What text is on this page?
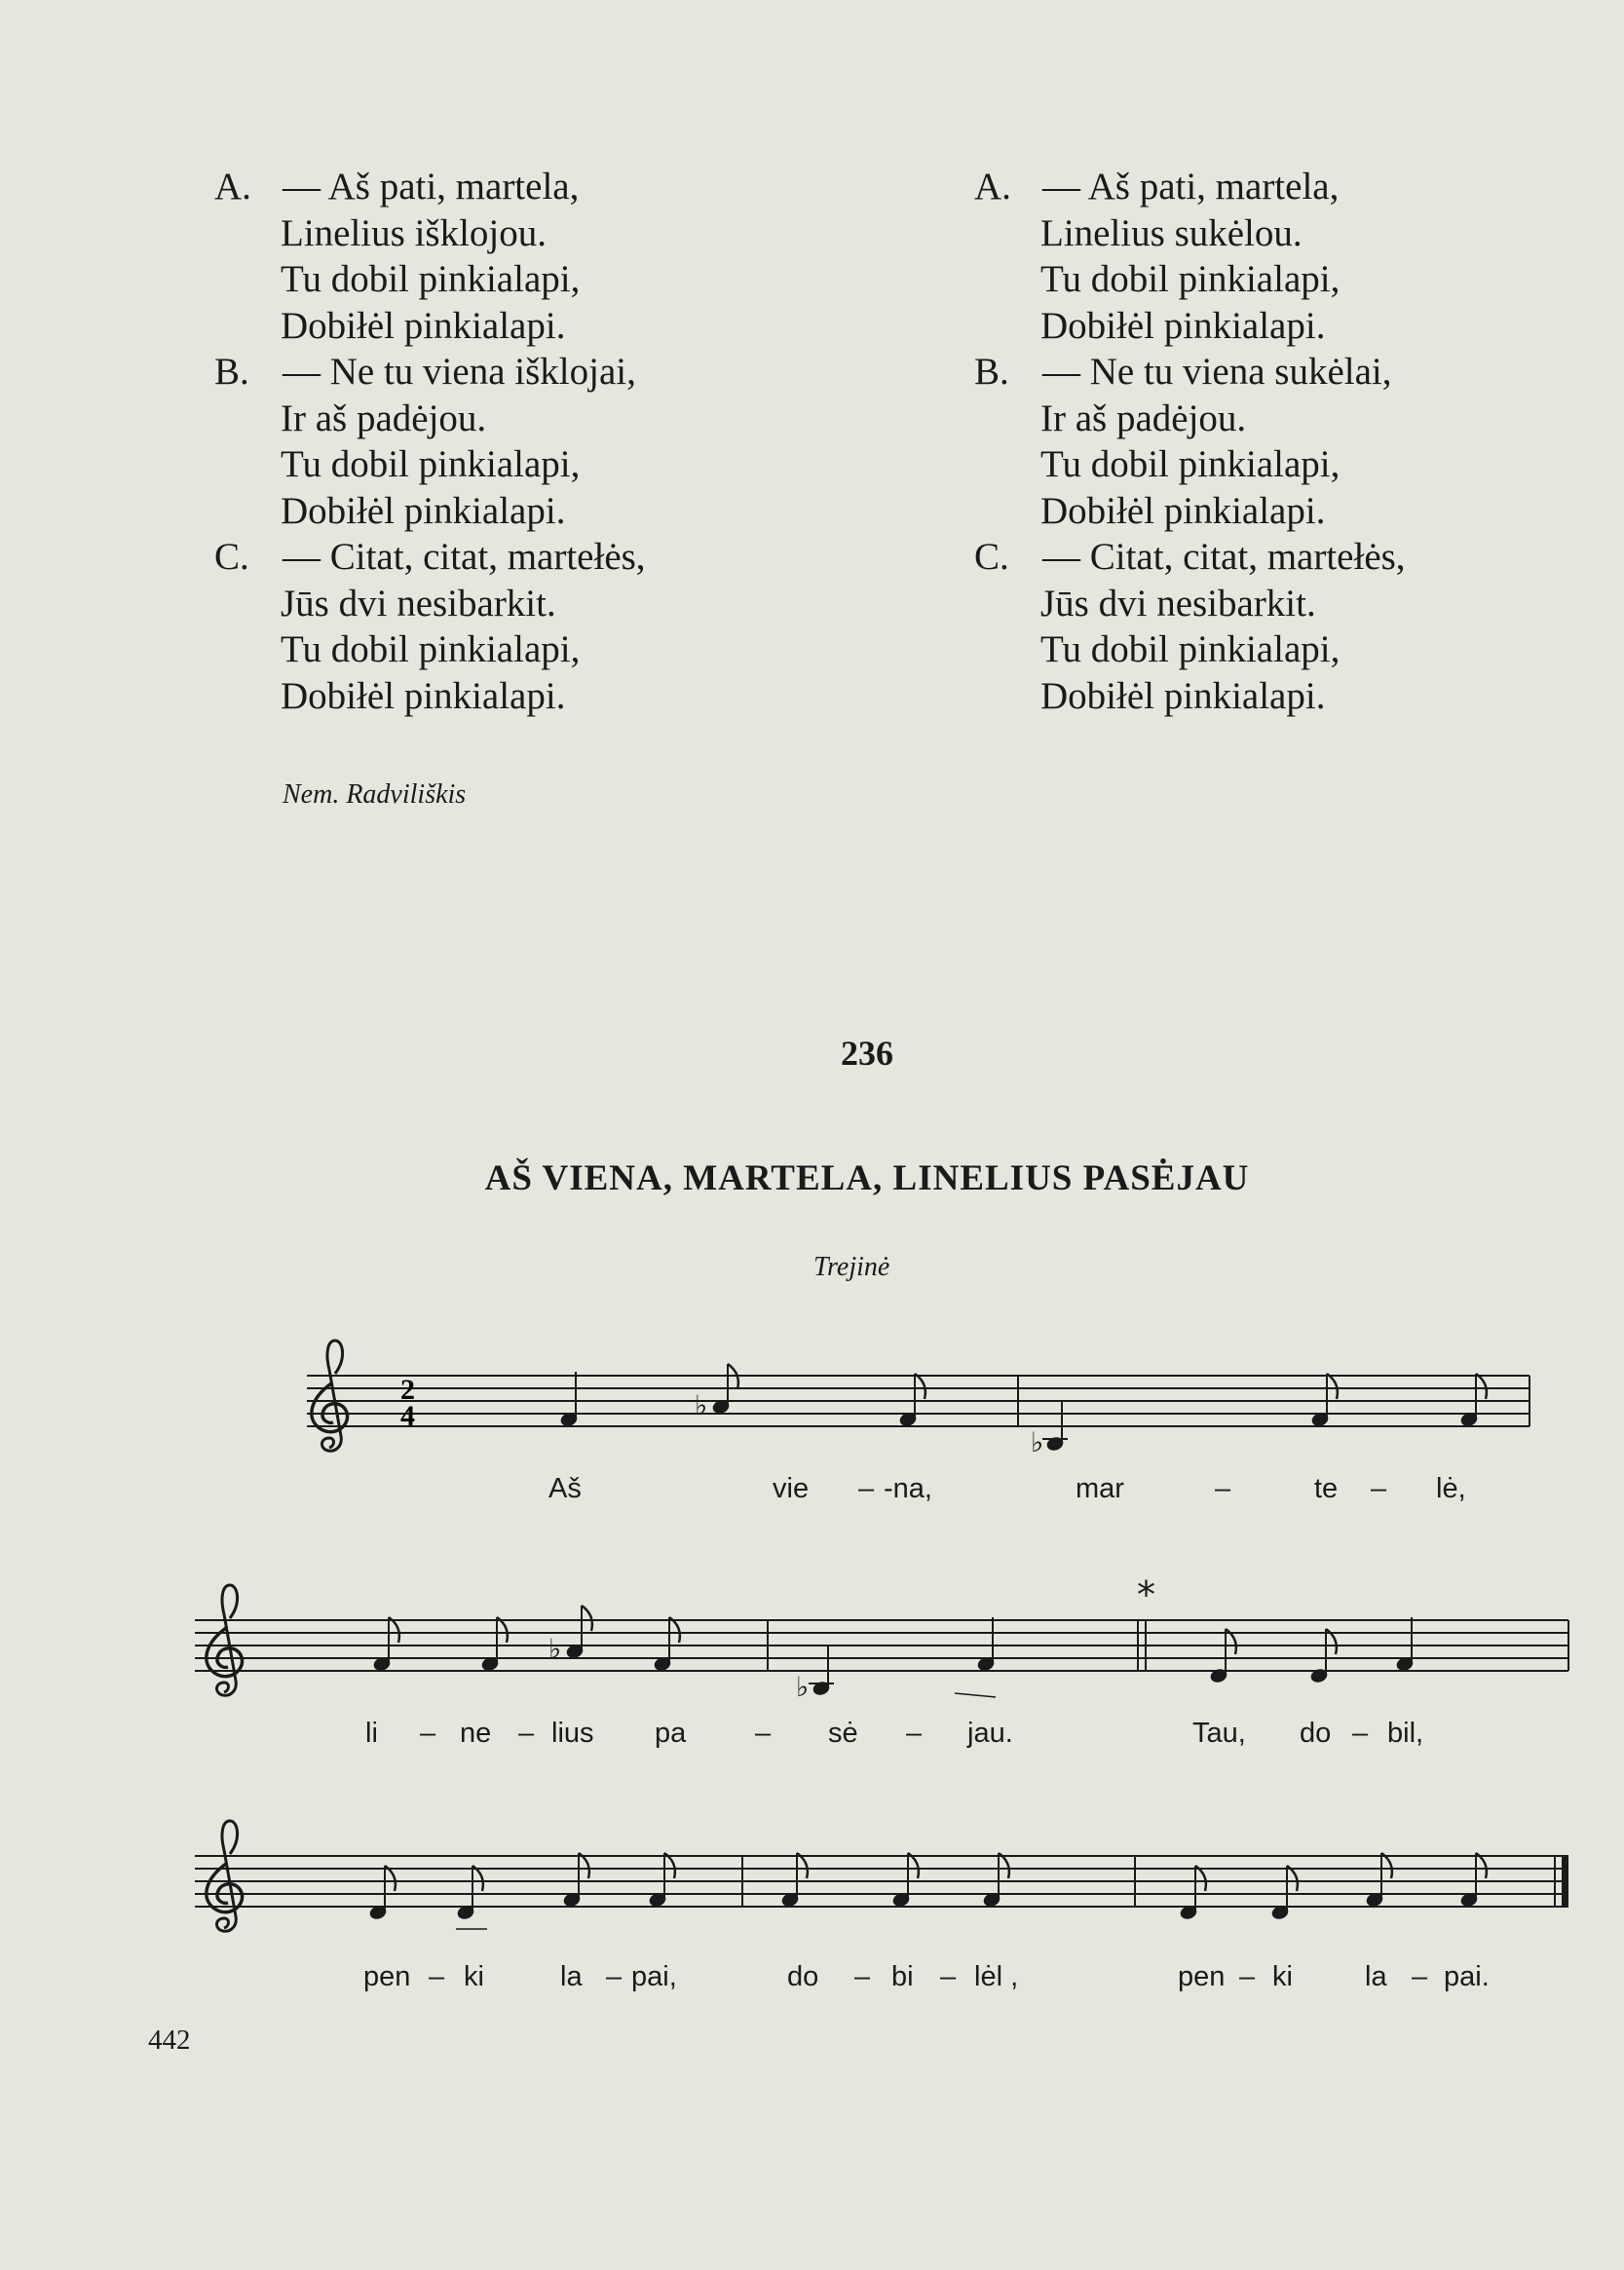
A. — Aš pati, martela,
Linelius išklojou.
Tu dobil pinkialapi,
Dobiłėl pinkialapi.
B. — Ne tu viena išklojai,
Ir aš padėjou.
Tu dobil pinkialapi,
Dobiłėl pinkialapi.
C. — Citat, citat, martełės,
Jūs dvi nesibarkit.
Tu dobil pinkialapi,
Dobiłėl pinkialapi.
A. — Aš pati, martela,
Linelius sukėlou.
Tu dobil pinkialapi,
Dobiłėl pinkialapi.
B. — Ne tu viena sukėlai,
Ir aš padėjou.
Tu dobil pinkialapi,
Dobiłėl pinkialapi.
C. — Citat, citat, martełės,
Jūs dvi nesibarkit.
Tu dobil pinkialapi,
Dobiłėl pinkialapi.
Nem. Radviliškis
236
AŠ VIENA, MARTELA, LINELIUS PASĖJAU
Trejinė
2
4	♭
♭
Aš	vie – -na,	mar	–	te – lė,
♭
♭
*
li – ne – lius pa – sė – jau.	Tau, do – bil,
pen – ki	la – pai,	do – bi – lėl ,	pen – ki	la – pai.
442
